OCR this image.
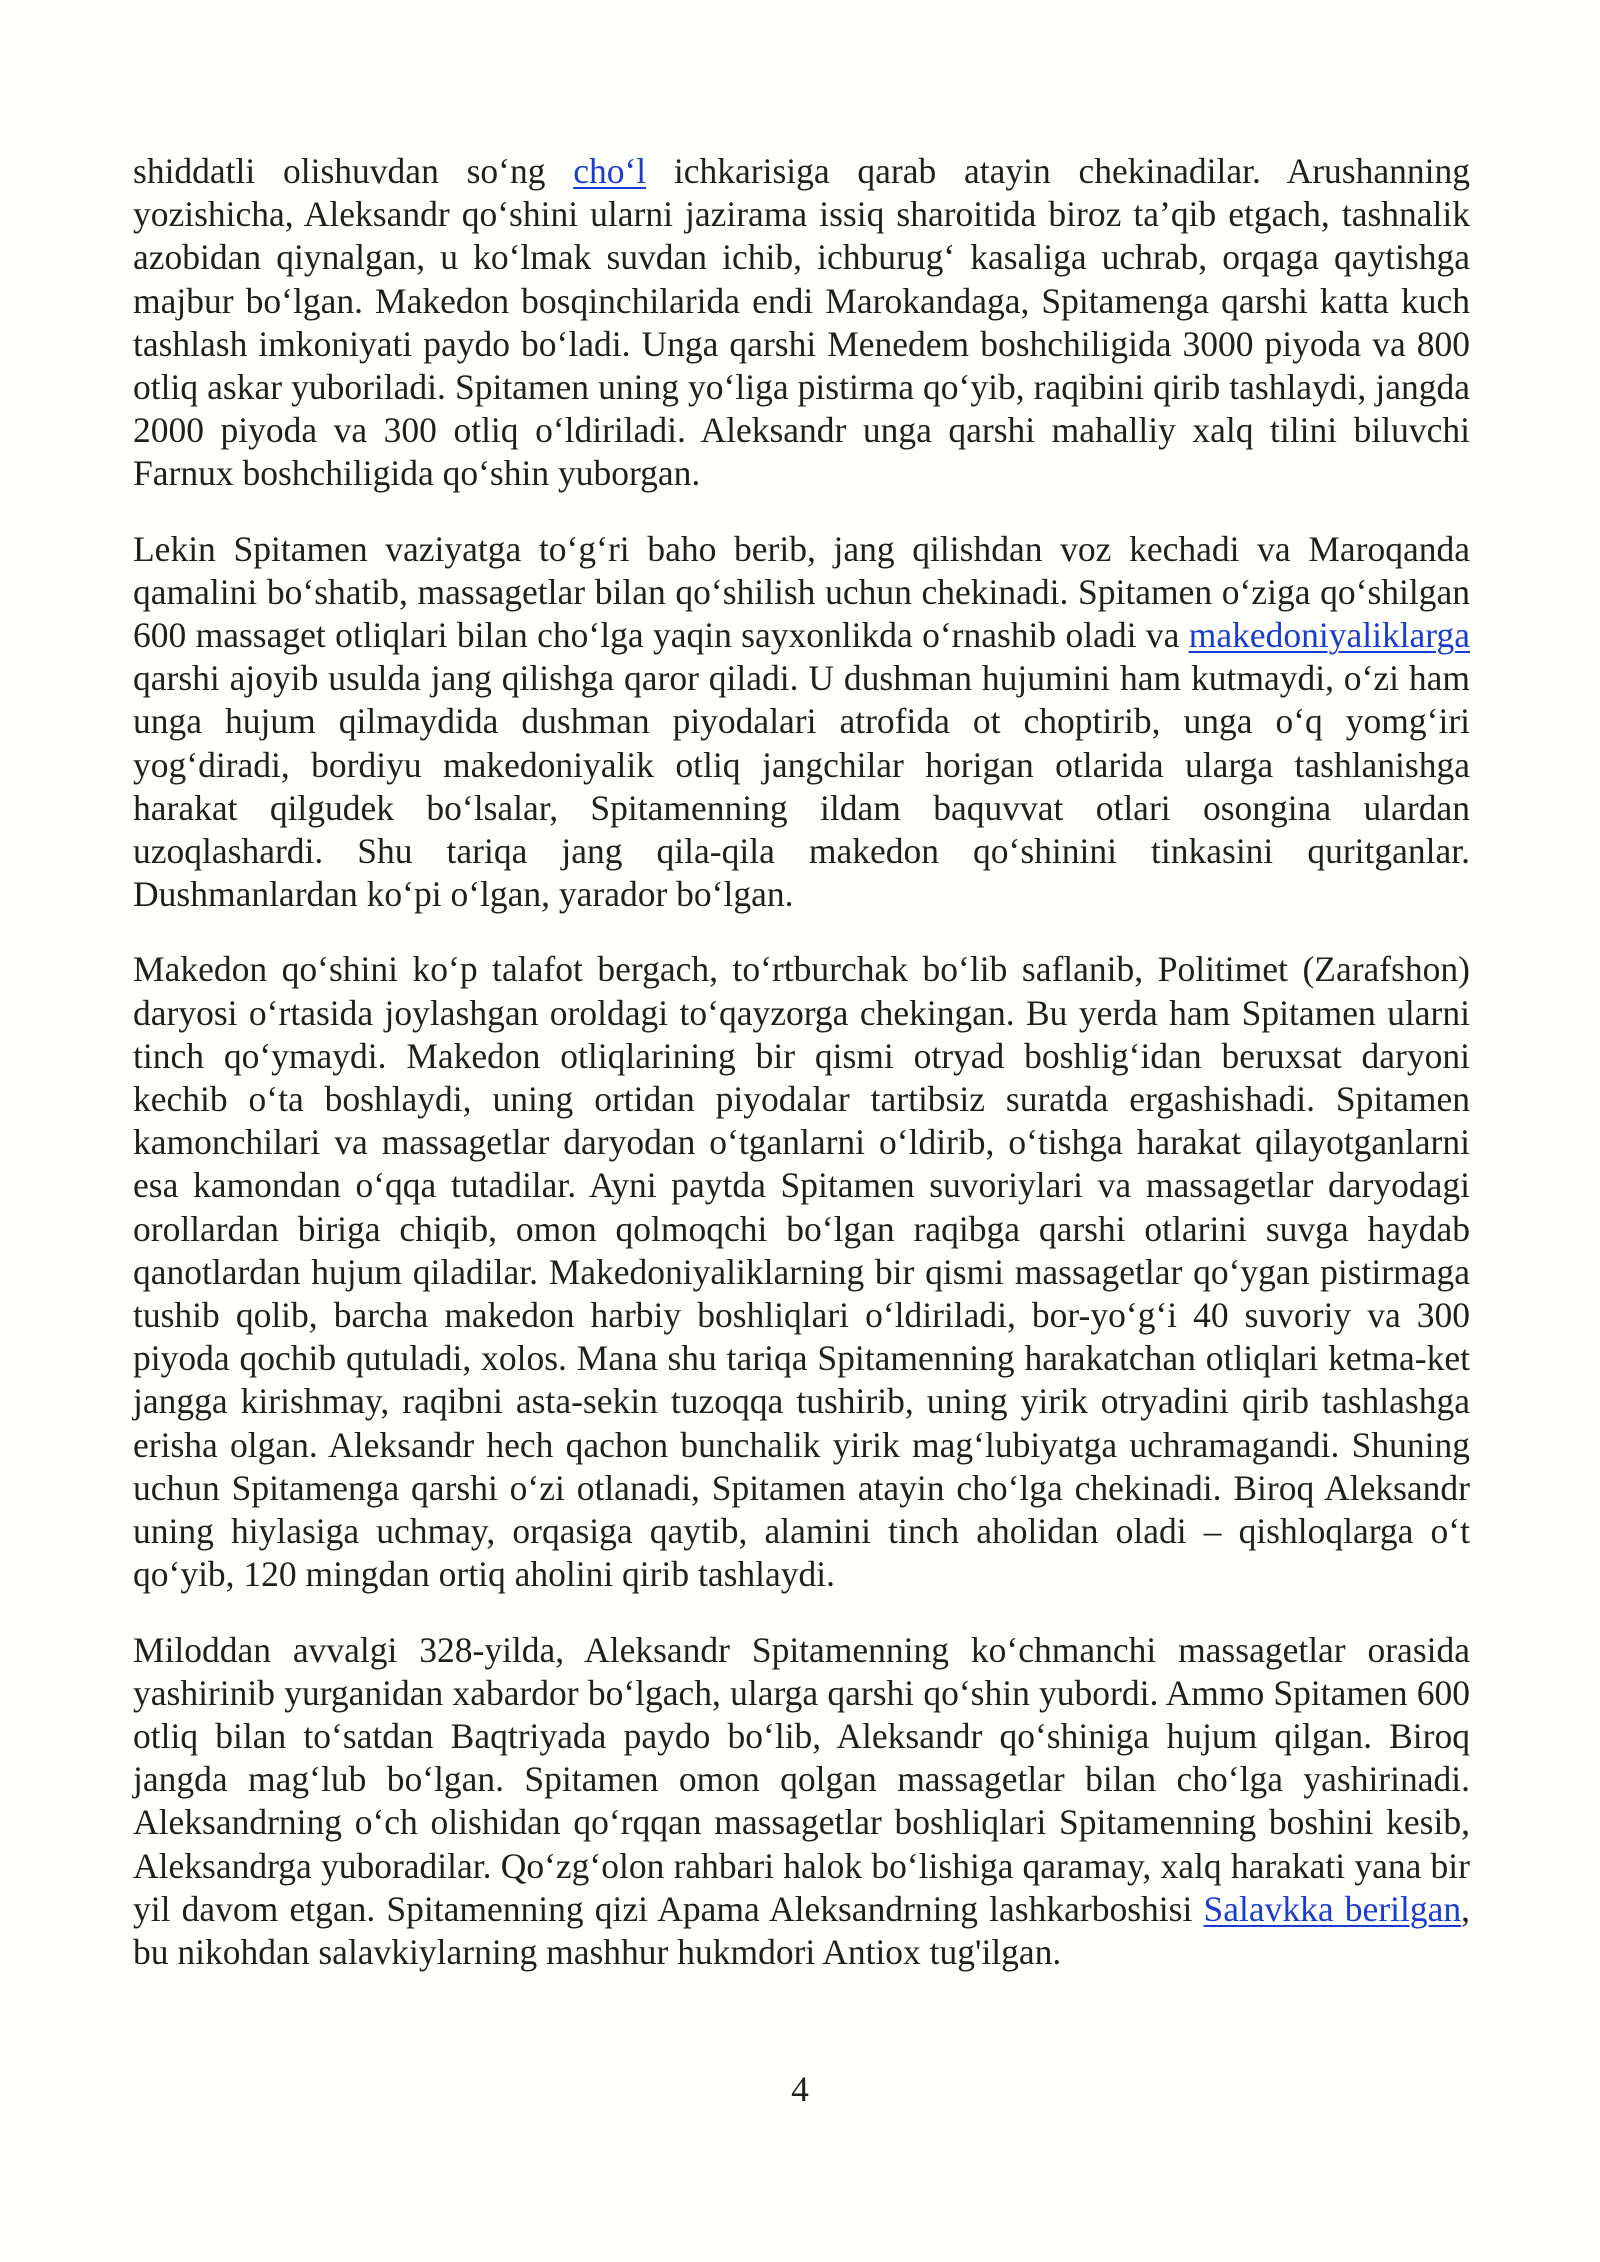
shiddatli olishuvdan so‘ng cho‘l ichkarisiga qarab atayin chekinadilar. Arushanning yozishicha, Aleksandr qo‘shini ularni jazirama issiq sharoitida biroz ta’qib etgach, tashnalik azobidan qiynalgan, u ko‘lmak suvdan ichib, ichburug‘ kasaliga uchrab, orqaga qaytishga majbur bo‘lgan. Makedon bosqinchilarida endi Marokandaga, Spitamenga qarshi katta kuch tashlash imkoniyati paydo bo‘ladi. Unga qarshi Menedem boshchiligida 3000 piyoda va 800 otliq askar yuboriladi. Spitamen uning yo‘liga pistirma qo‘yib, raqibini qirib tashlaydi, jangda 2000 piyoda va 300 otliq o‘ldiriladi. Aleksandr unga qarshi mahalliy xalq tilini biluvchi Farnux boshchiligida qo‘shin yuborgan.

Lekin Spitamen vaziyatga to‘g‘ri baho berib, jang qilishdan voz kechadi va Maroqanda qamalini bo‘shatib, massagetlar bilan qo‘shilish uchun chekinadi. Spitamen o‘ziga qo‘shilgan 600 massaget otliqlari bilan cho‘lga yaqin sayxonlikda o‘rnashib oladi va makedoniyaliklarga qarshi ajoyib usulda jang qilishga qaror qiladi. U dushman hujumini ham kutmaydi, o‘zi ham unga hujum qilmaydida dushman piyodalari atrofida ot choptirib, unga o‘q yomg‘iri yog‘diradi, bordiyu makedoniyalik otliq jangchilar horigan otlarida ularga tashlanishga harakat qilgudek bo‘lsalar, Spitamenning ildam baquvvat otlari osongina ulardan uzoqlashardi. Shu tariqa jang qila-qila makedon qo‘shinini tinkasini quritganlar. Dushmanlardan ko‘pi o‘lgan, yarador bo‘lgan.

Makedon qo‘shini ko‘p talafot bergach, to‘rtburchak bo‘lib saflanib, Politimet (Zarafshon) daryosi o‘rtasida joylashgan oroldagi to‘qayzorga chekingan. Bu yerda ham Spitamen ularni tinch qo‘ymaydi. Makedon otliqlarining bir qismi otryad boshlig‘idan beruxsat daryoni kechib o‘ta boshlaydi, uning ortidan piyodalar tartibsiz suratda ergashishadi. Spitamen kamonchilari va massagetlar daryodan o‘tganlarni o‘ldirib, o‘tishga harakat qilayotganlarni esa kamondan o‘qqa tutadilar. Ayni paytda Spitamen suvoriylari va massagetlar daryodagi orollardan biriga chiqib, omon qolmoqchi bo‘lgan raqibga qarshi otlarini suvga haydab qanotlardan hujum qiladilar. Makedoniyaliklarning bir qismi massagetlar qo‘ygan pistirmaga tushib qolib, barcha makedon harbiy boshliqlari o‘ldiriladi, bor-yo‘g‘i 40 suvoriy va 300 piyoda qochib qutuladi, xolos. Mana shu tariqa Spitamenning harakatchan otliqlari ketma-ket jangga kirishmay, raqibni asta-sekin tuzoqqa tushirib, uning yirik otryadini qirib tashlashga erisha olgan. Aleksandr hech qachon bunchalik yirik mag‘lubiyatga uchramagandi. Shuning uchun Spitamenga qarshi o‘zi otlanadi, Spitamen atayin cho‘lga chekinadi. Biroq Aleksandr uning hiylasiga uchmay, orqasiga qaytib, alamini tinch aholidan oladi – qishloqlarga o‘t qo‘yib, 120 mingdan ortiq aholini qirib tashlaydi.

Miloddan avvalgi 328-yilda, Aleksandr Spitamenning ko‘chmanchi massagetlar orasida yashirinib yurganidan xabardor bo‘lgach, ularga qarshi qo‘shin yubordi. Ammo Spitamen 600 otliq bilan to‘satdan Baqtriyada paydo bo‘lib, Aleksandr qo‘shiniga hujum qilgan. Biroq jangda mag‘lub bo‘lgan. Spitamen omon qolgan massagetlar bilan cho‘lga yashirinadi. Aleksandrning o‘ch olishidan qo‘rqqan massagetlar boshliqlari Spitamenning boshini kesib, Aleksandrga yuboradilar. Qo‘zg‘olon rahbari halok bo‘lishiga qaramay, xalq harakati yana bir yil davom etgan. Spitamenning qizi Apama Aleksandrning lashkarboshisi Salavkka berilgan, bu nikohdan salavkiylarning mashhur hukmdori Antiox tug'ilgan.

4
